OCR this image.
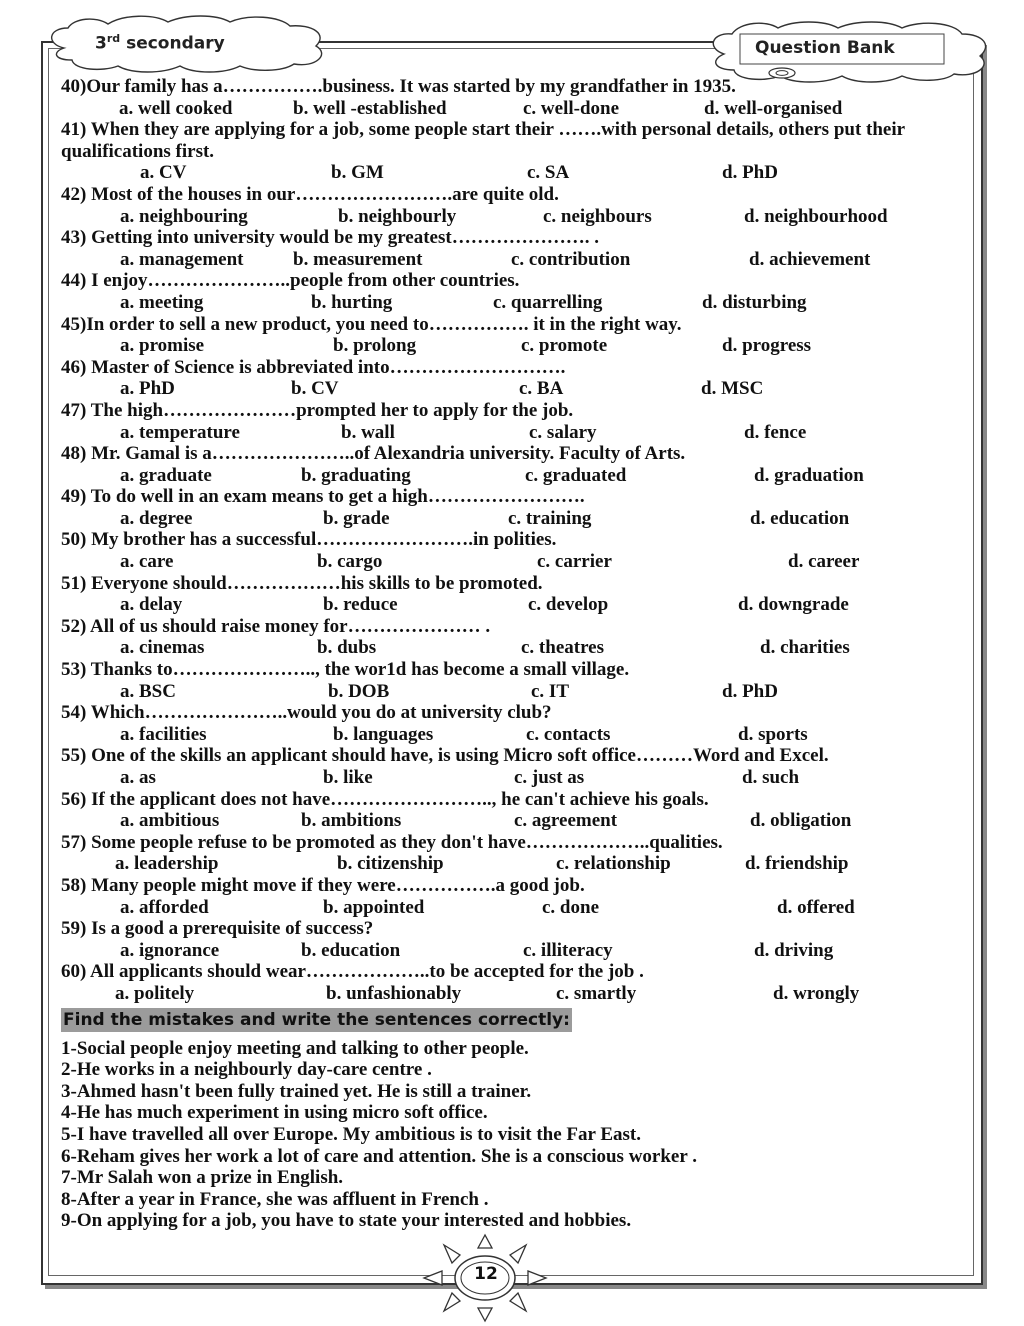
3rd secondary	Question Bank
40)Our family has a…………….business. It was started by my grandfather in 1935.
a. well cooked	b. well -established	c. well-done	d. well-organised
41) When they are applying for a job, some people start their …….with personal details, others put their qualifications first.
a. CV	b. GM	c. SA	d. PhD
42) Most of the houses in our…………………….are quite old.
a. neighbouring	b. neighbourly	c. neighbours	d. neighbourhood
43) Getting into university would be my greatest…………………. .
a. management	b. measurement	c. contribution	d. achievement
44) I enjoy…………………..people from other countries.
a. meeting	b. hurting	c. quarrelling	d. disturbing
45)In order to sell a new product, you need to……………. it in the right way.
a. promise	b. prolong	c. promote	d. progress
46) Master of Science is abbreviated into……………………….
a. PhD	b. CV	c. BA	d. MSC
47) The high…………………prompted her to apply for the job.
a. temperature	b. wall	c. salary	d. fence
48) Mr. Gamal is a…………………..of Alexandria university. Faculty of Arts.
a. graduate	b. graduating	c. graduated	d. graduation
49) To do well in an exam means to get a high…………………….
a. degree	b. grade	c. training	d. education
50) My brother has a successful…………………….in polities.
a. care	b. cargo	c. carrier	d. career
51) Everyone should………………his skills to be promoted.
a. delay	b. reduce	c. develop	d. downgrade
52) All of us should raise money for………………… .
a. cinemas	b. dubs	c. theatres	d. charities
53) Thanks to………………….., the wor1d has become a small village.
a. BSC	b. DOB	c. IT	d. PhD
54) Which…………………..would you do at university club?
a. facilities	b. languages	c. contacts	d. sports
55) One of the skills an applicant should have, is using Micro soft office………Word and Excel.
a. as	b. like	c. just as	d. such
56) If the applicant does not have…………………….., he can't achieve his goals.
a. ambitious	b. ambitions	c. agreement	d. obligation
57) Some people refuse to be promoted as they don't have………………..qualities.
a. leadership	b. citizenship	c. relationship	d. friendship
58) Many people might move if they were…………….a good job.
a. afforded	b. appointed	c. done	d. offered
59) Is a good a prerequisite of success?
a. ignorance	b. education	c. illiteracy	d. driving
60) All applicants should wear………………..to be accepted for the job .
a. politely	b. unfashionably	c. smartly	d. wrongly
Find the mistakes and write the sentences correctly:
1-Social people enjoy meeting and talking to other people.
2-He works in a neighbourly day-care centre .
3-Ahmed hasn't been fully trained yet. He is still a trainer.
4-He has much experiment in using micro soft office.
5-I have travelled all over Europe. My ambitious is to visit the Far East.
6-Reham gives her work a lot of care and attention. She is a conscious worker .
7-Mr Salah won a prize in English.
8-After a year in France, she was affluent in French .
9-On applying for a job, you have to state your interested and hobbies.
12
